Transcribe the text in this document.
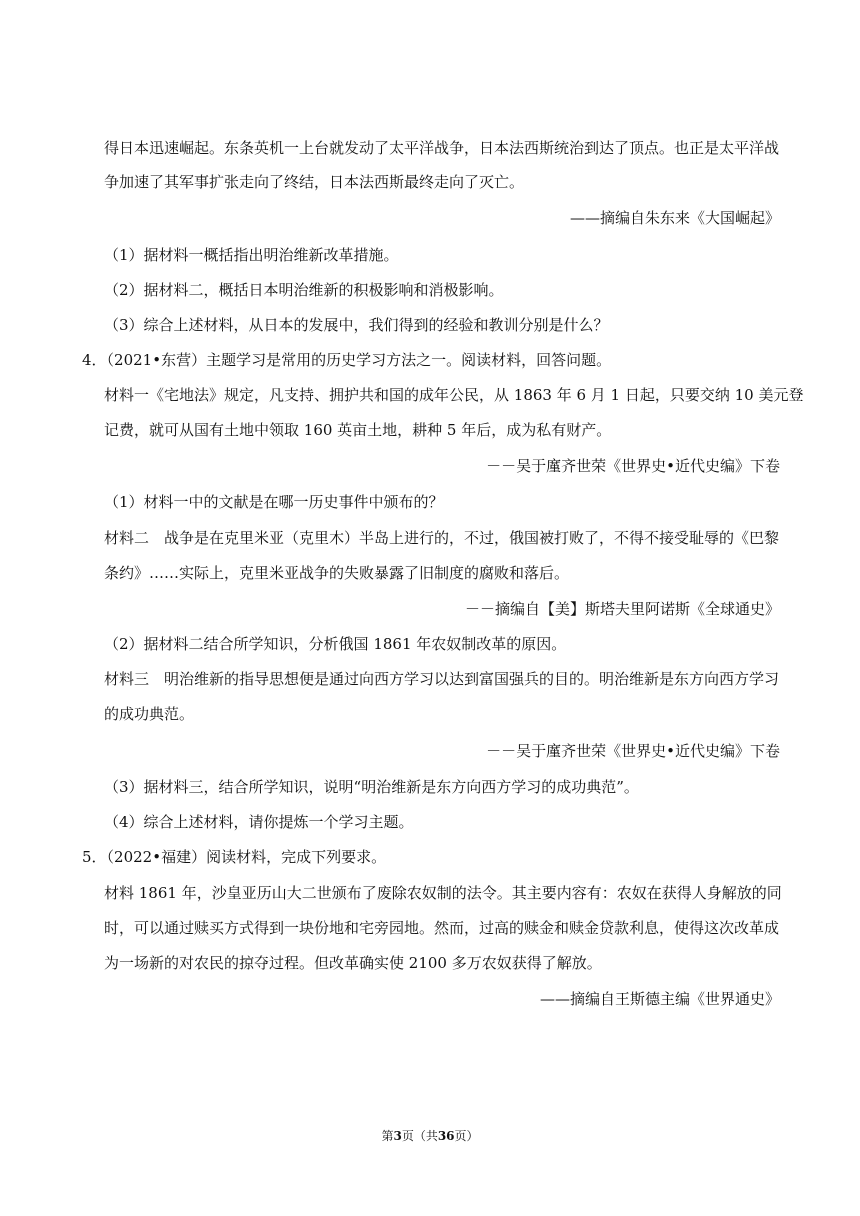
得日本迅速崛起。东条英机一上台就发动了太平洋战争，日本法西斯统治到达了顶点。也正是太平洋战
争加速了其军事扩张走向了终结，日本法西斯最终走向了灭亡。
——摘编自朱东来《大国崛起》
（1）据材料一概括指出明治维新改革措施。
（2）据材料二，概括日本明治维新的积极影响和消极影响。
（3）综合上述材料，从日本的发展中，我们得到的经验和教训分别是什么？
4．（2021•东营）主题学习是常用的历史学习方法之一。阅读材料，回答问题。
材料一《宅地法》规定，凡支持、拥护共和国的成年公民，从 1863 年 6 月 1 日起，只要交纳 10 美元登
记费，就可从国有土地中领取 160 英亩土地，耕种 5 年后，成为私有财产。
－－吴于廑齐世荣《世界史•近代史编》下卷
（1）材料一中的文献是在哪一历史事件中颁布的？
材料二　战争是在克里米亚（克里木）半岛上进行的，不过，俄国被打败了，不得不接受耻辱的《巴黎
条约》……实际上，克里米亚战争的失败暴露了旧制度的腐败和落后。
－－摘编自【美】斯塔夫里阿诺斯《全球通史》
（2）据材料二结合所学知识，分析俄国 1861 年农奴制改革的原因。
材料三　明治维新的指导思想便是通过向西方学习以达到富国强兵的目的。明治维新是东方向西方学习
的成功典范。
－－吴于廑齐世荣《世界史•近代史编》下卷
（3）据材料三，结合所学知识，说明“明治维新是东方向西方学习的成功典范”。
（4）综合上述材料，请你提炼一个学习主题。
5．（2022•福建）阅读材料，完成下列要求。
材料 1861 年，沙皇亚历山大二世颁布了废除农奴制的法令。其主要内容有：农奴在获得人身解放的同
时，可以通过赎买方式得到一块份地和宅旁园地。然而，过高的赎金和赎金贷款利息，使得这次改革成
为一场新的对农民的掠夺过程。但改革确实使 2100 多万农奴获得了解放。
——摘编自王斯德主编《世界通史》
第3页（共36页）
